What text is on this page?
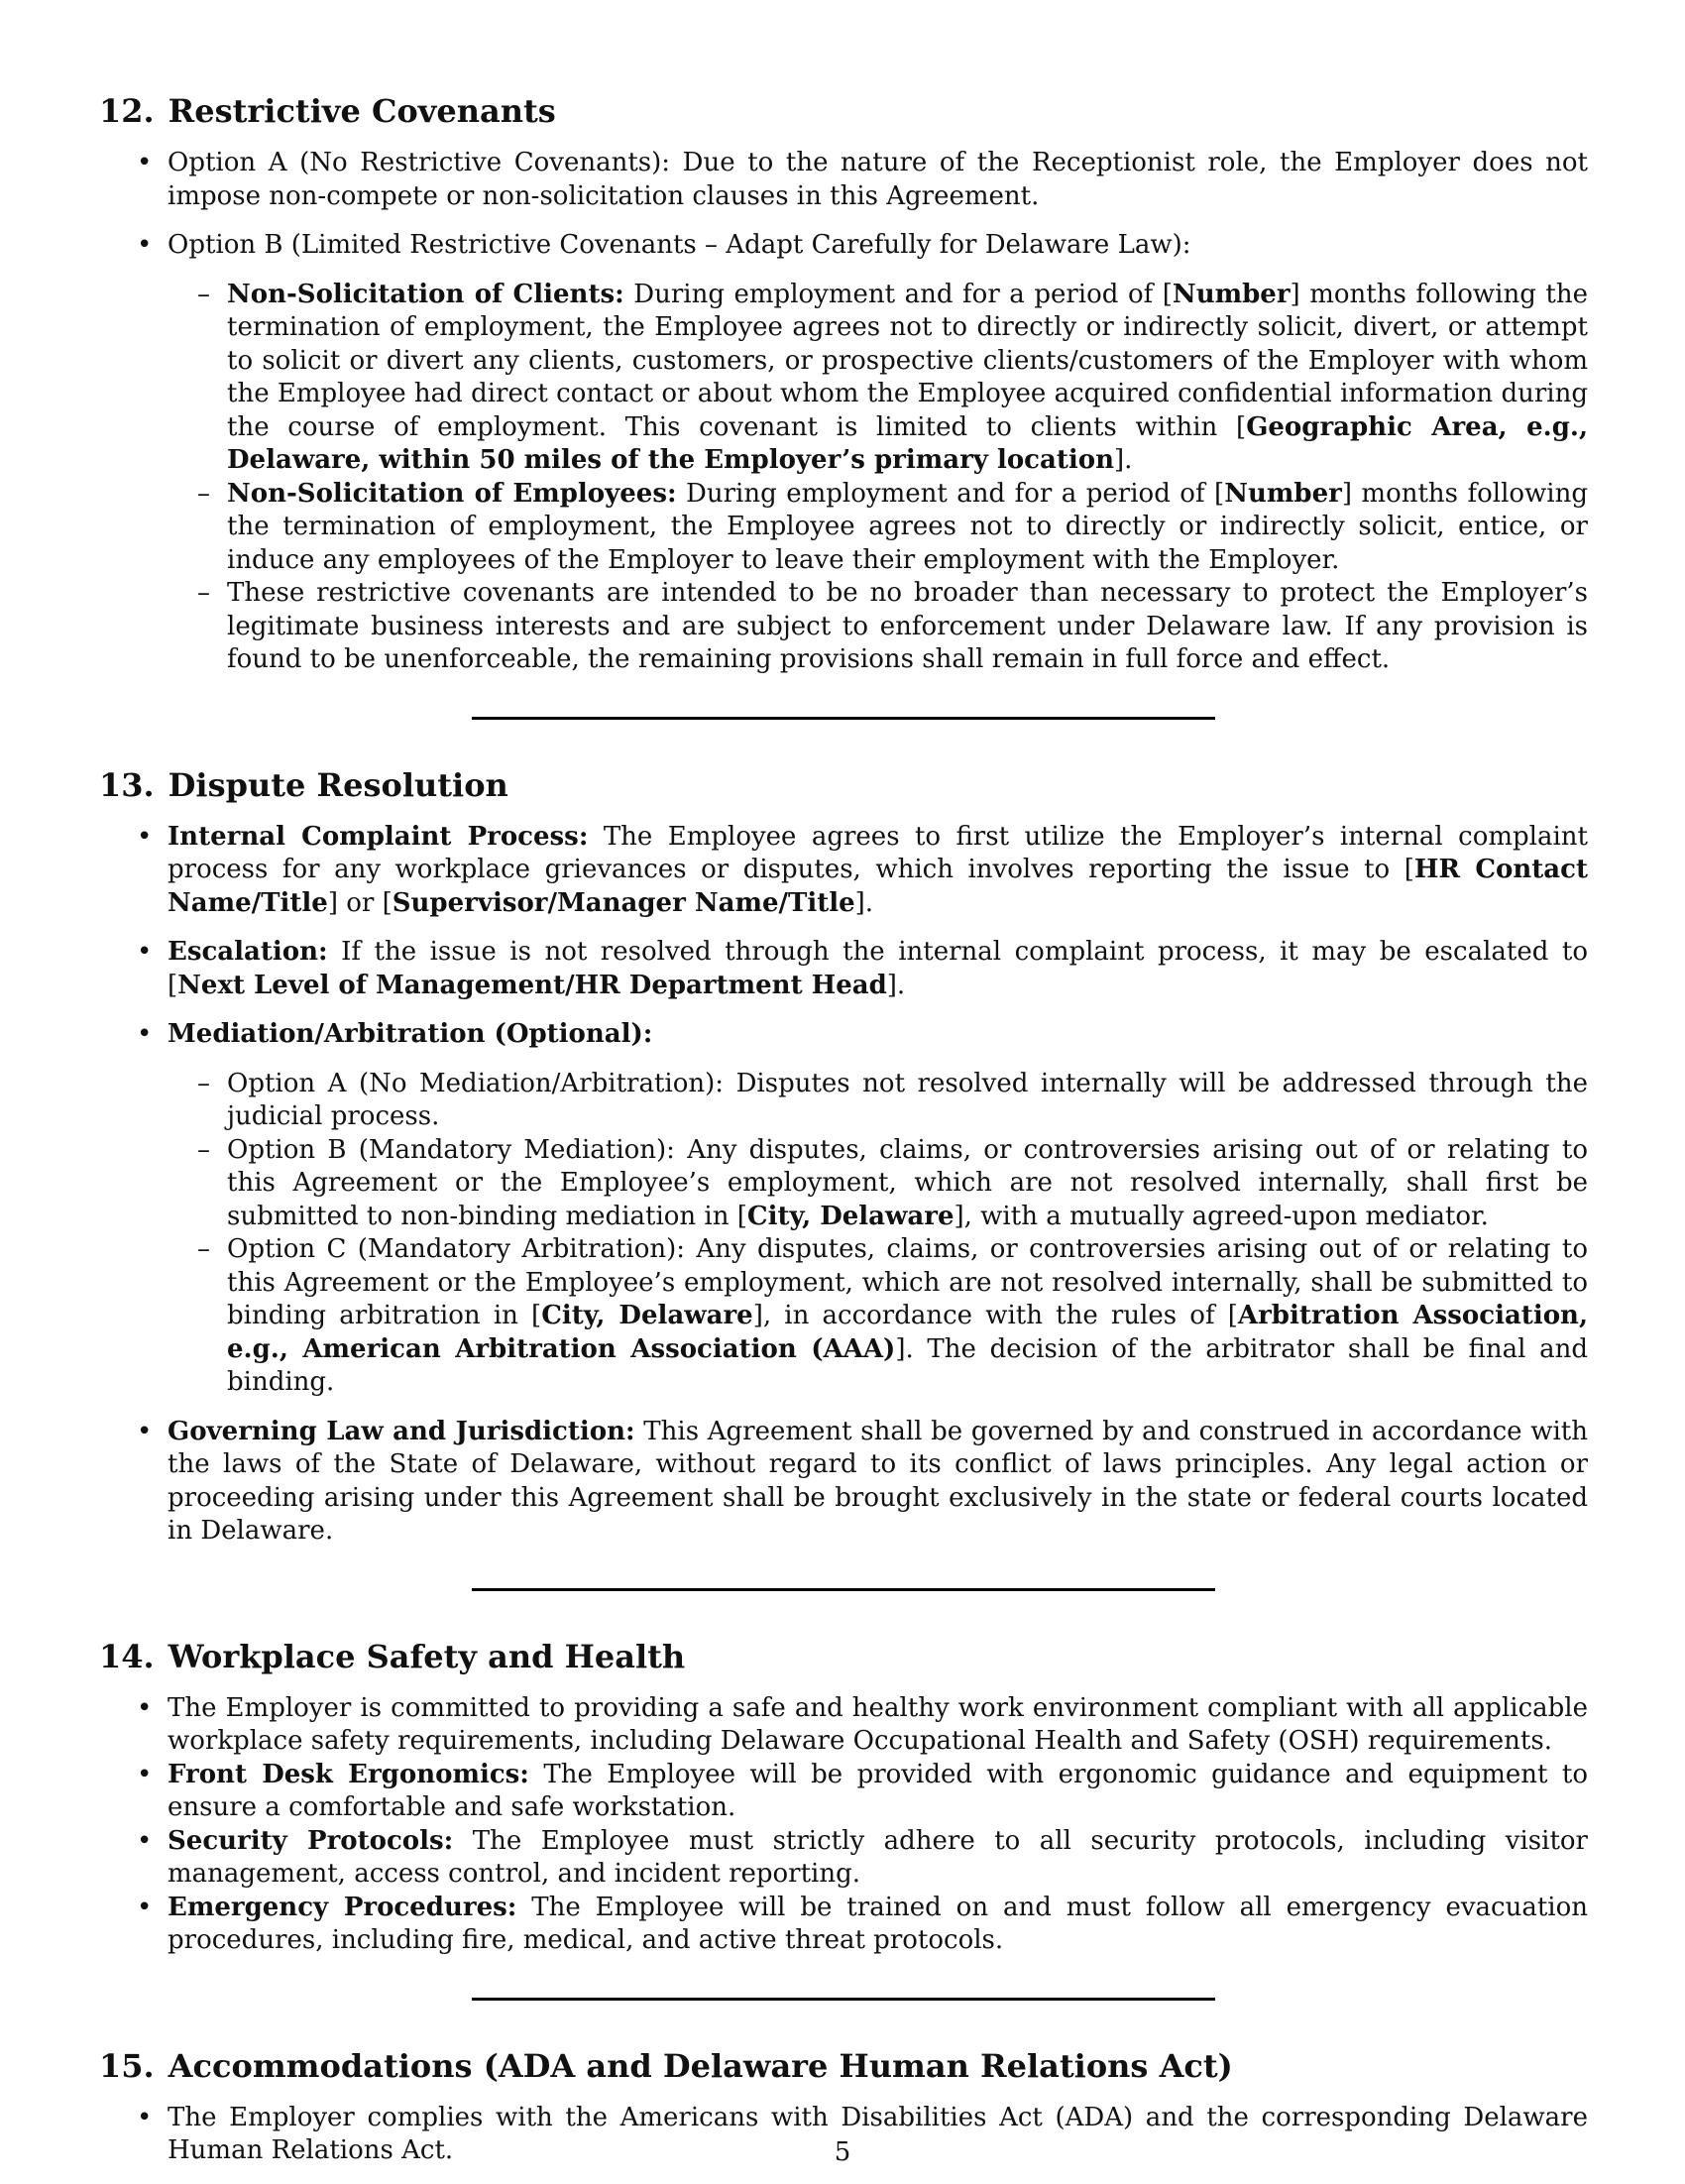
12. Restrictive Covenants
• Option A (No Restrictive Covenants): Due to the nature of the Receptionist role, the Employer does not impose non-compete or non-solicitation clauses in this Agreement.
• Option B (Limited Restrictive Covenants – Adapt Carefully for Delaware Law):
– Non-Solicitation of Clients: During employment and for a period of [Number] months following the termination of employment, the Employee agrees not to directly or indirectly solicit, divert, or attempt to solicit or divert any clients, customers, or prospective clients/customers of the Employer with whom the Employee had direct contact or about whom the Employee acquired confidential information during the course of employment. This covenant is limited to clients within [Geographic Area, e.g., Delaware, within 50 miles of the Employer’s primary location].
– Non-Solicitation of Employees: During employment and for a period of [Number] months following the termination of employment, the Employee agrees not to directly or indirectly solicit, entice, or induce any employees of the Employer to leave their employment with the Employer.
– These restrictive covenants are intended to be no broader than necessary to protect the Employer’s legitimate business interests and are subject to enforcement under Delaware law. If any provision is found to be unenforceable, the remaining provisions shall remain in full force and effect.
13. Dispute Resolution
• Internal Complaint Process: The Employee agrees to first utilize the Employer’s internal complaint process for any workplace grievances or disputes, which involves reporting the issue to [HR Contact Name/Title] or [Supervisor/Manager Name/Title].
• Escalation: If the issue is not resolved through the internal complaint process, it may be escalated to [Next Level of Management/HR Department Head].
• Mediation/Arbitration (Optional):
– Option A (No Mediation/Arbitration): Disputes not resolved internally will be addressed through the judicial process.
– Option B (Mandatory Mediation): Any disputes, claims, or controversies arising out of or relating to this Agreement or the Employee’s employment, which are not resolved internally, shall first be submitted to non-binding mediation in [City, Delaware], with a mutually agreed-upon mediator.
– Option C (Mandatory Arbitration): Any disputes, claims, or controversies arising out of or relating to this Agreement or the Employee’s employment, which are not resolved internally, shall be submitted to binding arbitration in [City, Delaware], in accordance with the rules of [Arbitration Association, e.g., American Arbitration Association (AAA)]. The decision of the arbitrator shall be final and binding.
• Governing Law and Jurisdiction: This Agreement shall be governed by and construed in accordance with the laws of the State of Delaware, without regard to its conflict of laws principles. Any legal action or proceeding arising under this Agreement shall be brought exclusively in the state or federal courts located in Delaware.
14. Workplace Safety and Health
• The Employer is committed to providing a safe and healthy work environment compliant with all applicable workplace safety requirements, including Delaware Occupational Health and Safety (OSH) requirements.
• Front Desk Ergonomics: The Employee will be provided with ergonomic guidance and equipment to ensure a comfortable and safe workstation.
• Security Protocols: The Employee must strictly adhere to all security protocols, including visitor management, access control, and incident reporting.
• Emergency Procedures: The Employee will be trained on and must follow all emergency evacuation procedures, including fire, medical, and active threat protocols.
15. Accommodations (ADA and Delaware Human Relations Act)
• The Employer complies with the Americans with Disabilities Act (ADA) and the corresponding Delaware Human Relations Act.	5
